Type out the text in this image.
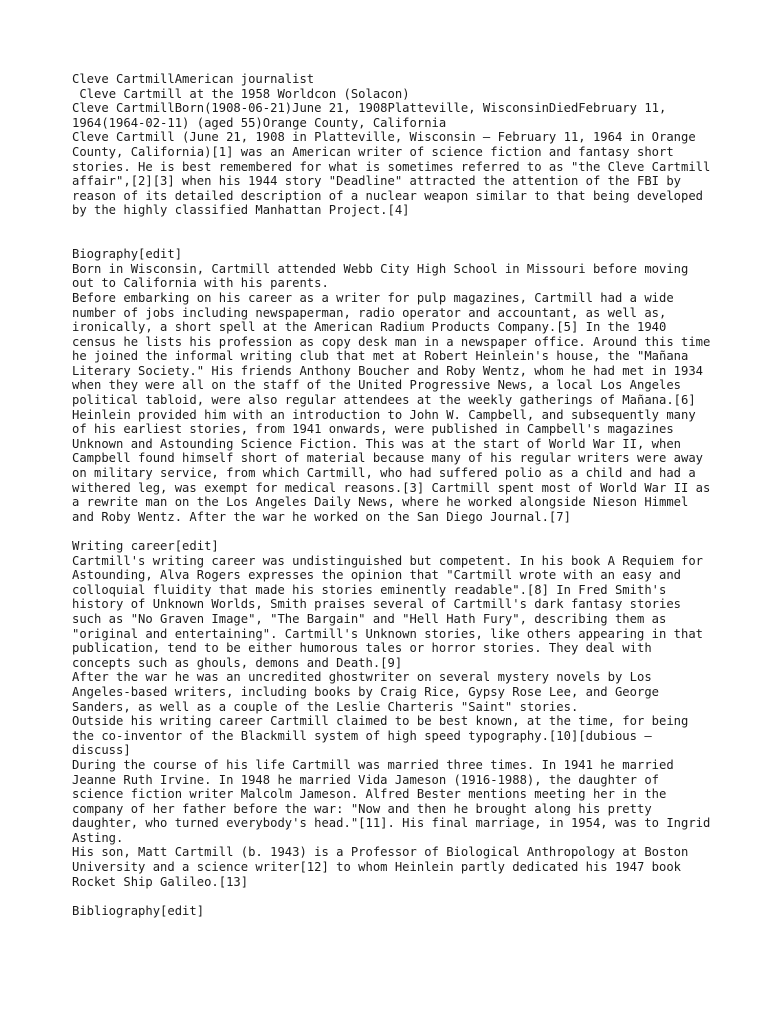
Cleve CartmillAmerican journalist

Cleve Cartmill at the 1958 Worldcon (Solacon)

Cleve CartmillBorn(1908-06-21)June 21, 1908Platteville, WisconsinDiedFebruary 11, 1964(1964-02-11) (aged 55)Orange County, California

Cleve Cartmill (June 21, 1908 in Platteville, Wisconsin – February 11, 1964 in Orange County, California)[1] was an American writer of science fiction and fantasy short stories. He is best remembered for what is sometimes referred to as "the Cleve Cartmill affair",[2][3] when his 1944 story "Deadline" attracted the attention of the FBI by reason of its detailed description of a nuclear weapon similar to that being developed by the highly classified Manhattan Project.[4]

Biography[edit]

Born in Wisconsin, Cartmill attended Webb City High School in Missouri before moving out to California with his parents.

Before embarking on his career as a writer for pulp magazines, Cartmill had a wide number of jobs including newspaperman, radio operator and accountant, as well as, ironically, a short spell at the American Radium Products Company.[5] In the 1940 census he lists his profession as copy desk man in a newspaper office. Around this time he joined the informal writing club that met at Robert Heinlein's house, the "Mañana Literary Society." His friends Anthony Boucher and Roby Wentz, whom he had met in 1934 when they were all on the staff of the United Progressive News, a local Los Angeles political tabloid, were also regular attendees at the weekly gatherings of Mañana.[6]  Heinlein provided him with an introduction to John W. Campbell, and subsequently many of his earliest stories, from 1941 onwards, were published in Campbell's magazines Unknown and Astounding Science Fiction. This was at the start of World War II, when Campbell found himself short of material because many of his regular writers were away on military service, from which Cartmill, who had suffered polio as a child and had a withered leg, was exempt for medical reasons.[3] Cartmill spent most of World War II as a rewrite man on the Los Angeles Daily News, where he worked alongside Nieson Himmel and Roby Wentz. After the war he worked on the San Diego Journal.[7]

Writing career[edit]

Cartmill's writing career was undistinguished but competent. In his book A Requiem for Astounding, Alva Rogers expresses the opinion that "Cartmill wrote with an easy and colloquial fluidity that made his stories eminently readable".[8] In Fred Smith's history of Unknown Worlds, Smith praises several of Cartmill's dark fantasy stories such as "No Graven Image", "The Bargain" and "Hell Hath Fury", describing them as "original and entertaining". Cartmill's Unknown stories, like others appearing in that publication, tend to be either humorous tales or horror stories. They deal with concepts such as ghouls, demons and Death.[9]

After the war he was an uncredited ghostwriter on several mystery novels by Los Angeles-based writers, including books by Craig Rice, Gypsy Rose Lee, and George Sanders, as well as a couple of the Leslie Charteris "Saint" stories.

Outside his writing career Cartmill claimed to be best known, at the time, for being the co-inventor of the Blackmill system of high speed typography.[10][dubious – discuss]

During the course of his life Cartmill was married three times. In 1941 he married Jeanne Ruth Irvine. In 1948 he married Vida Jameson (1916-1988), the daughter of science fiction writer Malcolm Jameson. Alfred Bester mentions meeting her in the company of her father before the war: "Now and then he brought along his pretty daughter, who turned everybody's head."[11]. His final marriage, in 1954, was to Ingrid Asting.

His son, Matt Cartmill (b. 1943) is a Professor of Biological Anthropology at Boston University and a science writer[12] to whom Heinlein partly dedicated his 1947 book Rocket Ship Galileo.[13]

Bibliography[edit]
